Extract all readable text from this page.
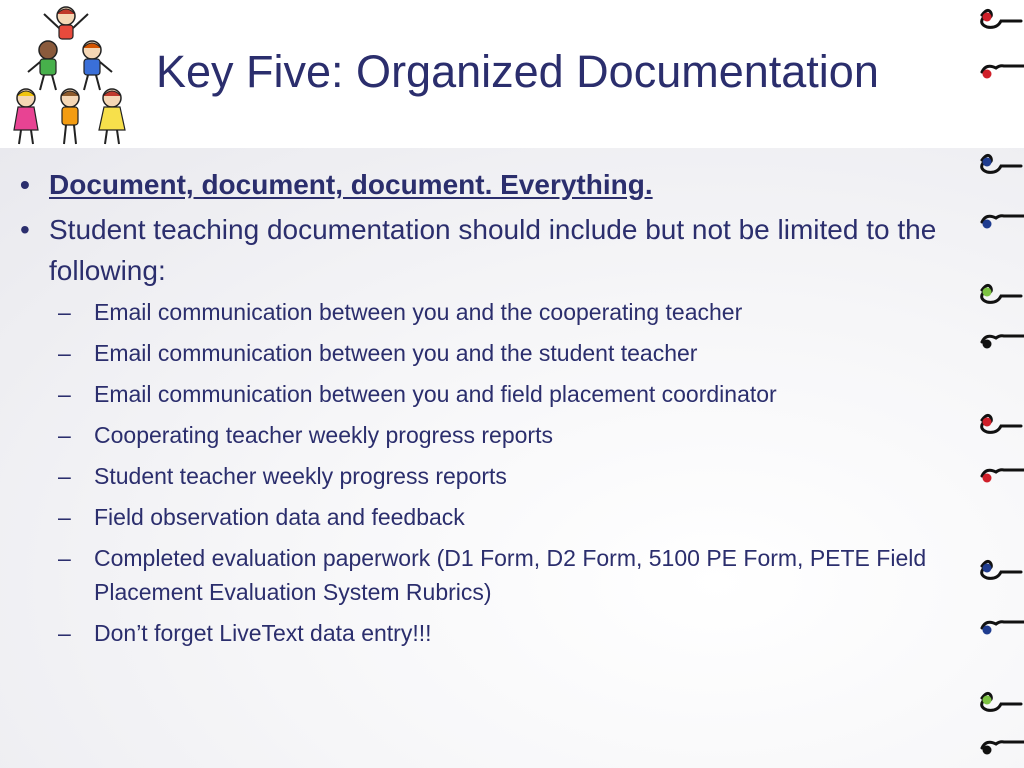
Key Five: Organized Documentation
• Document, document, document. Everything.
• Student teaching documentation should include but not be limited to the following:
– Email communication between you and the cooperating teacher
– Email communication between you and the student teacher
– Email communication between you and field placement coordinator
– Cooperating teacher weekly progress reports
– Student teacher weekly progress reports
– Field observation data and feedback
– Completed evaluation paperwork (D1 Form, D2 Form, 5100 PE Form, PETE Field Placement Evaluation System Rubrics)
– Don’t forget LiveText data entry!!!
